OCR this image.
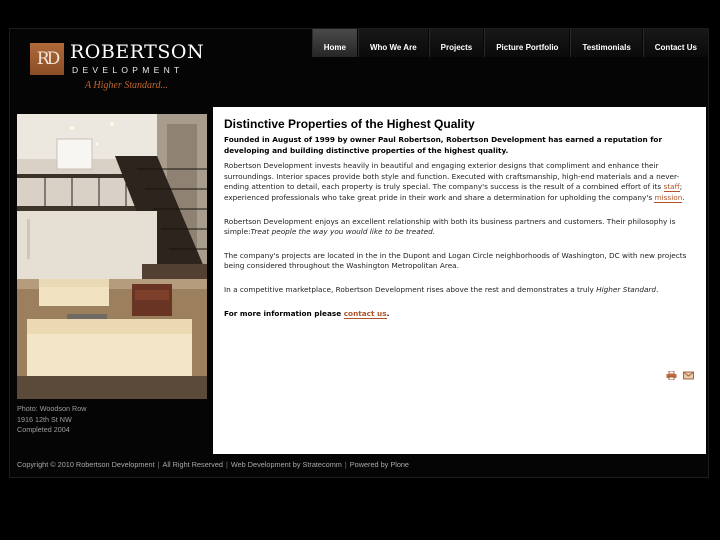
RD ROBERTSON
DEVELOPMENT
A Higher Standard...
Home	Who We Are	Projects	Picture Portfolio	Testimonials	Contact Us
Photo: Woodson Row
1916 12th St NW
Completed 2004
Distinctive Properties of the Highest Quality

Founded in August of 1999 by owner Paul Robertson, Robertson Development has earned a reputation for developing and building distinctive properties of the highest quality.

Robertson Development invests heavily in beautiful and engaging exterior designs that compliment and enhance their surroundings. Interior spaces provide both style and function. Executed with craftsmanship, high-end materials and a never-ending attention to detail, each property is truly special. The company's success is the result of a combined effort of its staff; experienced professionals who take great pride in their work and share a determination for upholding the company's mission.

Robertson Development enjoys an excellent relationship with both its business partners and customers. Their philosophy is simple:Treat people the way you would like to be treated.

The company's projects are located in the in the Dupont and Logan Circle neighborhoods of Washington, DC with new projects being considered throughout the Washington Metropolitan Area.

In a competitive marketplace, Robertson Development rises above the rest and demonstrates a truly Higher Standard.

For more information please contact us.
Copyright © 2010 Robertson Development | All Right Reserved | Web Development by Stratecomm | Powered by Plone
